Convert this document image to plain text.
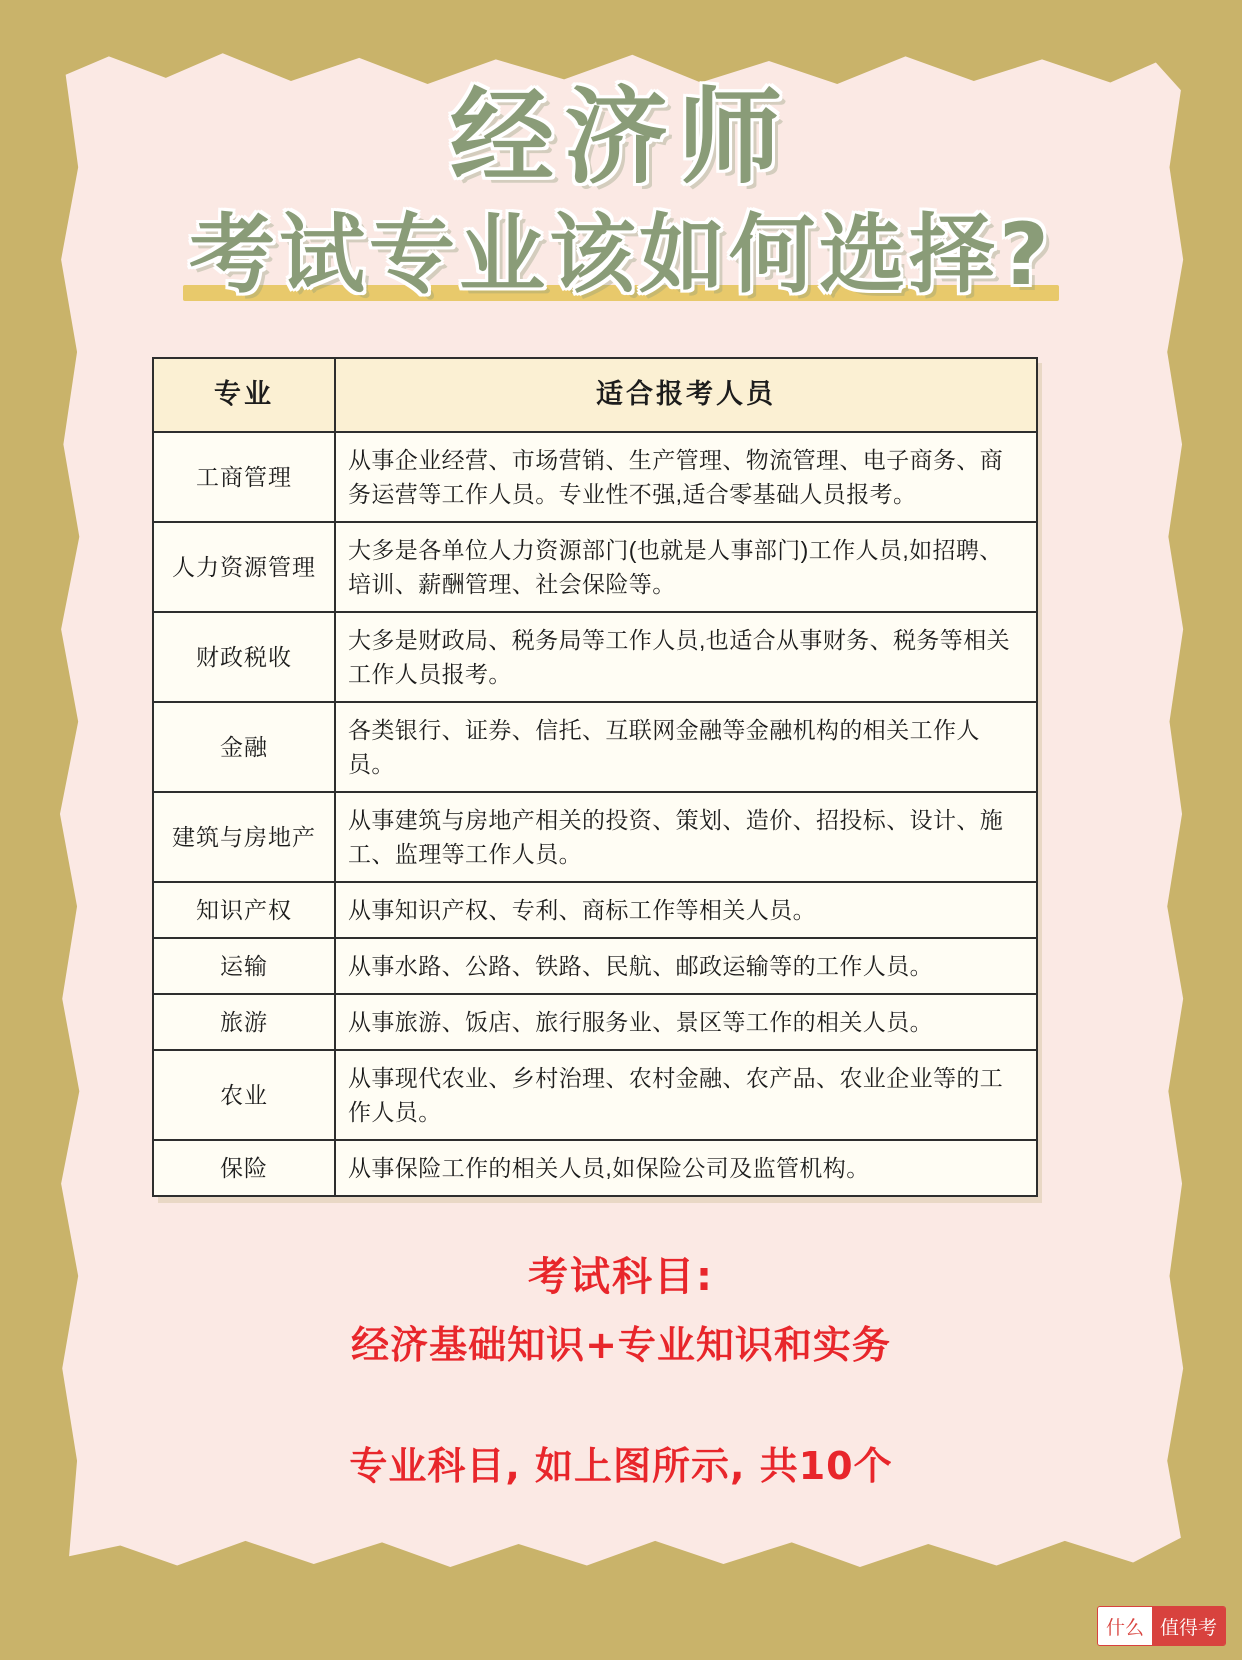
经济师
考试专业该如何选择?
专业	适合报考人员
工商管理	从事企业经营、市场营销、生产管理、物流管理、电子商务、商务运营等工作人员。专业性不强,适合零基础人员报考。
人力资源管理	大多是各单位人力资源部门(也就是人事部门)工作人员,如招聘、培训、薪酬管理、社会保险等。
财政税收	大多是财政局、税务局等工作人员,也适合从事财务、税务等相关工作人员报考。
金融	各类银行、证券、信托、互联网金融等金融机构的相关工作人员。
建筑与房地产	从事建筑与房地产相关的投资、策划、造价、招投标、设计、施工、监理等工作人员。
知识产权	从事知识产权、专利、商标工作等相关人员。
运输	从事水路、公路、铁路、民航、邮政运输等的工作人员。
旅游	从事旅游、饭店、旅行服务业、景区等工作的相关人员。
农业	从事现代农业、乡村治理、农村金融、农产品、农业企业等的工作人员。
保险	从事保险工作的相关人员,如保险公司及监管机构。
考试科目:
经济基础知识+专业知识和实务
专业科目, 如上图所示, 共10个
什么 值得考
